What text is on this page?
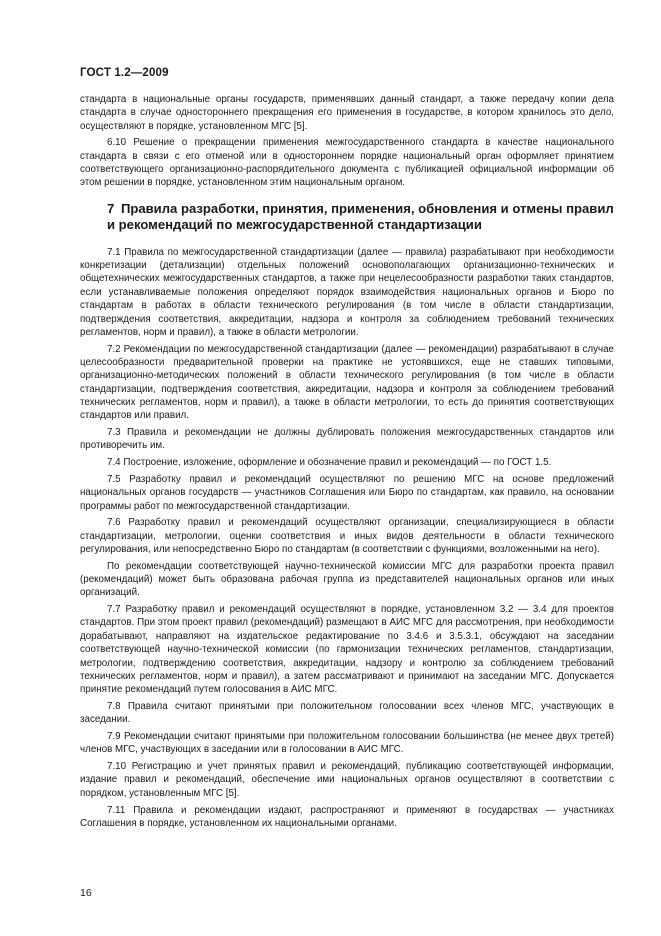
ГОСТ 1.2—2009

стандарта в национальные органы государств, применявших данный стандарт, а также передачу копии дела стандарта в случае одностороннего прекращения его применения в государстве, в котором хранилось это дело, осуществляют в порядке, установленном МГС [5].

6.10 Решение о прекращении применения межгосударственного стандарта в качестве национального стандарта в связи с его отменой или в одностороннем порядке национальный орган оформляет принятием соответствующего организационно-распорядительного документа с публикацией официальной информации об этом решении в порядке, установленном этим национальным органом.

7 Правила разработки, принятия, применения, обновления и отмены правил и рекомендаций по межгосударственной стандартизации

7.1 Правила по межгосударственной стандартизации (далее — правила) разрабатывают при необходимости конкретизации (детализации) отдельных положений основополагающих организационно-технических и общетехнических межгосударственных стандартов, а также при нецелесообразности разработки таких стандартов, если устанавливаемые положения определяют порядок взаимодействия национальных органов и Бюро по стандартам в работах в области технического регулирования (в том числе в области стандартизации, подтверждения соответствия, аккредитации, надзора и контроля за соблюдением требований технических регламентов, норм и правил), а также в области метрологии.

7.2 Рекомендации по межгосударственной стандартизации (далее — рекомендации) разрабатывают в случае целесообразности предварительной проверки на практике не устоявшихся, еще не ставших типовыми, организационно-методических положений в области технического регулирования (в том числе в области стандартизации, подтверждения соответствия, аккредитации, надзора и контроля за соблюдением требований технических регламентов, норм и правил), а также в области метрологии, то есть до принятия соответствующих стандартов или правил.

7.3 Правила и рекомендации не должны дублировать положения межгосударственных стандартов или противоречить им.

7.4 Построение, изложение, оформление и обозначение правил и рекомендаций — по ГОСТ 1.5.

7.5 Разработку правил и рекомендаций осуществляют по решению МГС на основе предложений национальных органов государств — участников Соглашения или Бюро по стандартам, как правило, на основании программы работ по межгосударственной стандартизации.

7.6 Разработку правил и рекомендаций осуществляют организации, специализирующиеся в области стандартизации, метрологии, оценки соответствия и иных видов деятельности в области технического регулирования, или непосредственно Бюро по стандартам (в соответствии с функциями, возложенными на него).

По рекомендации соответствующей научно-технической комиссии МГС для разработки проекта правил (рекомендаций) может быть образована рабочая группа из представителей национальных органов или иных организаций.

7.7 Разработку правил и рекомендаций осуществляют в порядке, установленном 3.2 — 3.4 для проектов стандартов. При этом проект правил (рекомендаций) размещают в АИС МГС для рассмотрения, при необходимости дорабатывают, направляют на издательское редактирование по 3.4.6 и 3.5.3.1, обсуждают на заседании соответствующей научно-технической комиссии (по гармонизации технических регламентов, стандартизации, метрологии, подтверждению соответствия, аккредитации, надзору и контролю за соблюдением требований технических регламентов, норм и правил), а затем рассматривают и принимают на заседании МГС. Допускается принятие рекомендаций путем голосования в АИС МГС.

7.8 Правила считают принятыми при положительном голосовании всех членов МГС, участвующих в заседании.

7.9 Рекомендации считают принятыми при положительном голосовании большинства (не менее двух третей) членов МГС, участвующих в заседании или в голосовании в АИС МГС.

7.10 Регистрацию и учет принятых правил и рекомендаций, публикацию соответствующей информации, издание правил и рекомендаций, обеспечение ими национальных органов осуществляют в соответствии с порядком, установленным МГС [5].

7.11 Правила и рекомендации издают, распространяют и применяют в государствах — участниках Соглашения в порядке, установленном их национальными органами.

16
